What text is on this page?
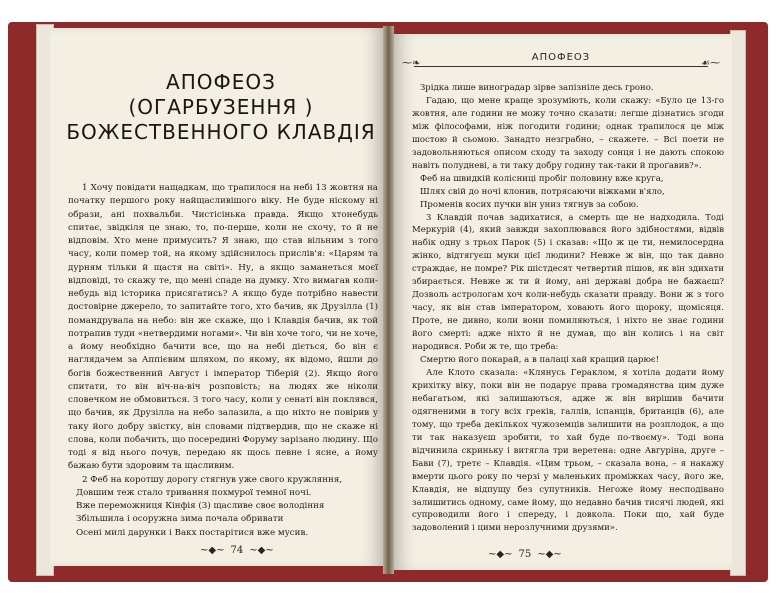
АПОФЕОЗ
(ОГАРБУЗЕННЯ )
БОЖЕСТВЕННОГО КЛАВДІЯ

1 Хочу повідати нащадкам, що трапилося на небі 13 жовтня на початку першого року найщасливішого віку. Не буде ніскому ні образи, ані похвальби. Чистісінька правда. Якщо хтонебудь спитає, звідкіля це знаю, то, по-перше, коли не схочу, то й не відповім. Хто мене примусить? Я знаю, що став вільним з того часу, коли помер той, на якому здійснилось прислів'я: «Царям та дурням тільки й щастя на світі». Ну, а якщо заманеться моєї відповіді, то скажу те, що мені спаде на думку. Хто вимагав коли-небудь від історика присягатись? А якщо буде потрібно навести достовірне джерело, то запитайте того, хто бачив, як Друзілла (1) помандрувала на небо: він же скаже, що і Клавдія бачив, як той потрапив туди «нетвердими ногами». Чи він хоче того, чи не хоче, а йому необхідно бачити все, що на небі діється, бо він є наглядачем за Аппієвим шляхом, по якому, як відомо, йшли до богів божественний Август і імператор Тіберій (2). Якщо його спитати, то він віч-на-віч розповість; на людях же ніколи словечком не обмовиться. З того часу, коли у сенаті він поклявся, що бачив, як Друзілла на небо залазила, а що ніхто не повірив у таку його добру звістку, він словами підтвердив, що не скаже ні слова, коли побачить, що посередині Форуму зарізано людину. Що тоді я від нього почув, передаю як щось певне і ясне, а йому бажаю бути здоровим та щасливим.

2 Феб на коротшу дорогу стягнув уже свого кружляння,

Довшим теж стало тривання похмурої темної ночі.

Вже переможниця Кінфія (3) щасливе своє володіння

Збільшила і осоружна зима почала обривати

Осені милі дарунки і Вакх постарітися вже мусив.

∼◆∼ 74 ∼◆∼
⁓❧
АПОФЕОЗ
☙⁓

Зрідка лише виноградар зірве запізніле десь гроно.

Гадаю, що мене краще зрозуміють, коли скажу: «Було це 13-го жовтня, але години не можу точно сказати: легше дізнатись згоди між філософами, ніж погодити години; однак трапилося це між шостою й сьомою. Занадто незграбно, – скажете. – Всі поети не задовольняються описом сходу та заходу сонця і не дають спокою навіть полудневі, а ти таку добру годину так-таки й проґавив?».

Феб на швидкій колісниці пробіг половину вже круга,

Шлях свій до ночі клонив, потрясаючи віжками в'яло,

Променів косих пучки він униз тягнув за собою.

3 Клавдій почав задихатися, а смерть ще не надходила. Тоді Меркурій (4), який завжди захоплювався його здібностями, відвів набік одну з трьох Парок (5) і сказав: «Що ж це ти, немилосердна жінко, відтягуєш муки цієї людини? Невже ж він, що так давно страждає, не помре? Рік шістдесят четвертий пішов, як він здихати збирається. Невже ж ти й йому, ані державі добра не бажаєш? Дозволь астрологам хоч коли-небудь сказати правду. Вони ж з того часу, як він став імператором, ховають його щороку, щомісяця. Проте, не дивно, коли вони помиляються, і ніхто не знає години його смерті: адже ніхто й не думав, що він колись і на світ народився. Роби ж те, що треба:

Смертю його покарай, а в палаці хай кращий царює!

Але Клото сказала: «Клянусь Гераклом, я хотіла додати йому крихітку віку, поки він не подарує права громадянства цим дуже небагатьом, які залишаються, адже ж він вирішив бачити одягненими в тогу всіх греків, галлів, іспанців, британців (6), але тому, що треба декількох чужоземців залишити на розплодок, а що ти так наказуєш зробити, то хай буде по-твоєму». Тоді вона відчинила скриньку і витягла три веретена: одне Авгуріна, друге – Бави (7), третє – Клавдія. «Цим трьом, – сказала вона, – я накажу вмерти цього року по черзі у маленьких проміжках часу, його же, Клавдія, не відпущу без супутників. Негоже йому несподівано залишитись одному, саме йому, що недавно бачив тисячі людей, які супроводили його і спереду, і довкола. Поки що, хай буде задоволений і цими нерозлучними друзями».

∼◆∼ 75 ∼◆∼
